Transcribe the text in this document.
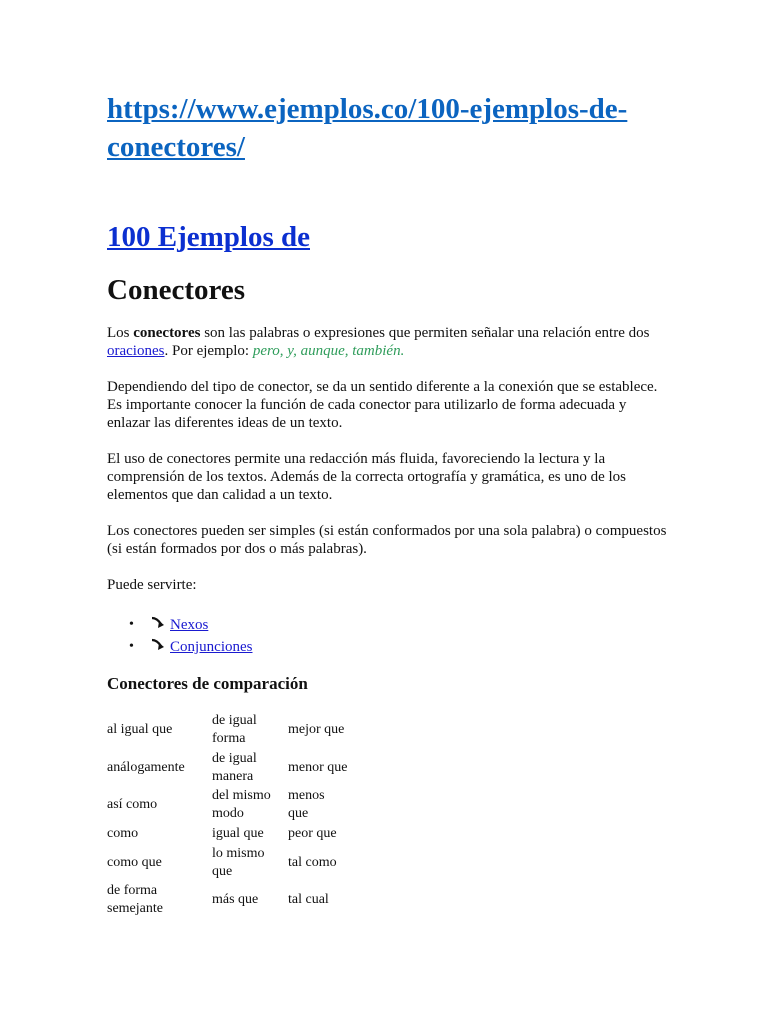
https://www.ejemplos.co/100-ejemplos-de-conectores/
100 Ejemplos de
Conectores

Los conectores son las palabras o expresiones que permiten señalar una relación entre dos oraciones. Por ejemplo: pero, y, aunque, también.

Dependiendo del tipo de conector, se da un sentido diferente a la conexión que se establece. Es importante conocer la función de cada conector para utilizarlo de forma adecuada y enlazar las diferentes ideas de un texto.

El uso de conectores permite una redacción más fluida, favoreciendo la lectura y la comprensión de los textos. Además de la correcta ortografía y gramática, es uno de los elementos que dan calidad a un texto.

Los conectores pueden ser simples (si están conformados por una sola palabra) o compuestos (si están formados por dos o más palabras).

Puede servirte:

• Nexos
• Conjunciones
Conectores de comparación
al igual que	de igual forma	mejor que
análogamente	de igual manera	menor que
así como	del mismo modo	menos que
como	igual que	peor que
como que	lo mismo que	tal como
de forma semejante	más que	tal cual
